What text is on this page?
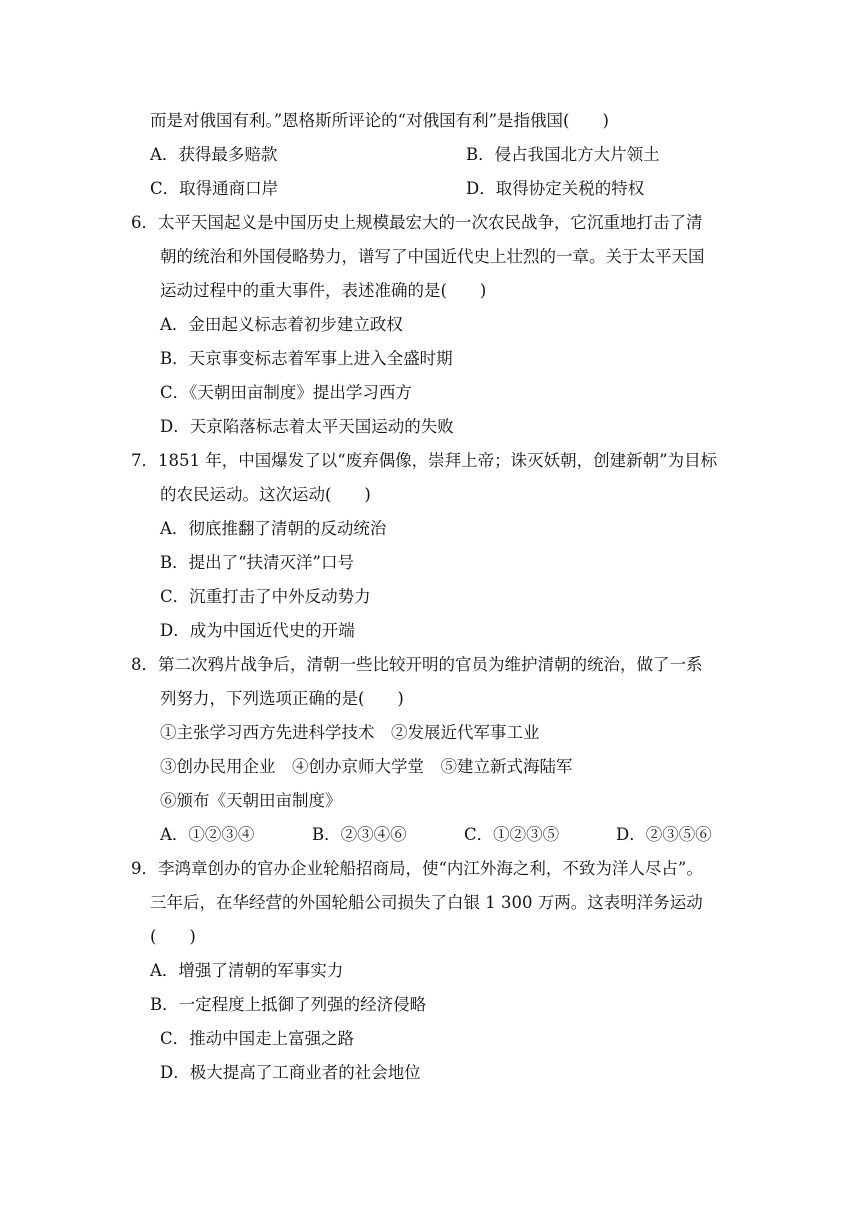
而是对俄国有利。”恩格斯所评论的“对俄国有利”是指俄国(　　)
A．获得最多赔款	B．侵占我国北方大片领土
C．取得通商口岸	D．取得协定关税的特权
6．太平天国起义是中国历史上规模最宏大的一次农民战争，它沉重地打击了清
朝的统治和外国侵略势力，谱写了中国近代史上壮烈的一章。关于太平天国
运动过程中的重大事件，表述准确的是(　　)
A．金田起义标志着初步建立政权
B．天京事变标志着军事上进入全盛时期
C．《天朝田亩制度》提出学习西方
D．天京陷落标志着太平天国运动的失败
7．1851 年，中国爆发了以“废弃偶像，崇拜上帝；诛灭妖朝，创建新朝”为目标
的农民运动。这次运动(　　)
A．彻底推翻了清朝的反动统治
B．提出了“扶清灭洋”口号
C．沉重打击了中外反动势力
D．成为中国近代史的开端
8．第二次鸦片战争后，清朝一些比较开明的官员为维护清朝的统治，做了一系
列努力，下列选项正确的是(　　)
①主张学习西方先进科学技术　②发展近代军事工业
③创办民用企业　④创办京师大学堂　⑤建立新式海陆军
⑥颁布《天朝田亩制度》
A．①②③④	B．②③④⑥	C．①②③⑤	D．②③⑤⑥
9．李鸿章创办的官办企业轮船招商局，使“内江外海之利，不致为洋人尽占”。
三年后，在华经营的外国轮船公司损失了白银 1 300 万两。这表明洋务运动
(　　)
A．增强了清朝的军事实力
B．一定程度上抵御了列强的经济侵略
C．推动中国走上富强之路
D．极大提高了工商业者的社会地位
